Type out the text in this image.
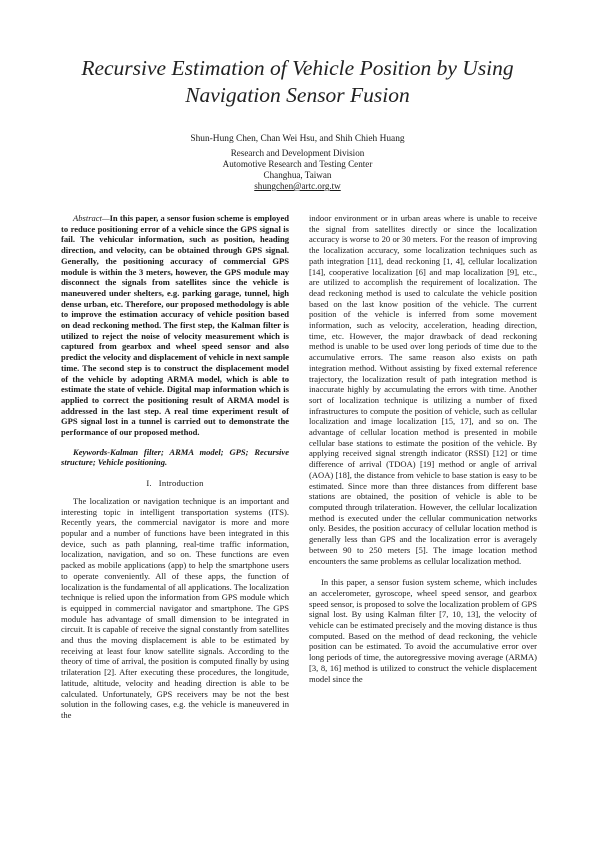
Recursive Estimation of Vehicle Position by Using
Navigation Sensor Fusion
Shun-Hung Chen, Chan Wei Hsu, and Shih Chieh Huang
Research and Development Division
Automotive Research and Testing Center
Changhua, Taiwan
shungchen@artc.org.tw

Abstract—In this paper, a sensor fusion scheme is employed to reduce positioning error of a vehicle since the GPS signal is fail. The vehicular information, such as position, heading direction, and velocity, can be obtained through GPS signal. Generally, the positioning accuracy of commercial GPS module is within the 3 meters, however, the GPS module may disconnect the signals from satellites since the vehicle is maneuvered under shelters, e.g. parking garage, tunnel, high dense urban, etc. Therefore, our proposed methodology is able to improve the estimation accuracy of vehicle position based on dead reckoning method. The first step, the Kalman filter is utilized to reject the noise of velocity measurement which is captured from gearbox and wheel speed sensor and also predict the velocity and displacement of vehicle in next sample time. The second step is to construct the displacement model of the vehicle by adopting ARMA model, which is able to estimate the state of vehicle. Digital map information which is applied to correct the positioning result of ARMA model is addressed in the last step. A real time experiment result of GPS signal lost in a tunnel is carried out to demonstrate the performance of our proposed method.

Keywords-Kalman filter; ARMA model; GPS; Recursive structure; Vehicle positioning.

I. Introduction

The localization or navigation technique is an important and interesting topic in intelligent transportation systems (ITS). Recently years, the commercial navigator is more and more popular and a number of functions have been integrated in this device, such as path planning, real-time traffic information, localization, navigation, and so on. These functions are even packed as mobile applications (app) to help the smartphone users to operate conveniently. All of these apps, the function of localization is the fundamental of all applications. The localization technique is relied upon the information from GPS module which is equipped in commercial navigator and smartphone. The GPS module has advantage of small dimension to be integrated in circuit. It is capable of receive the signal constantly from satellites and thus the moving displacement is able to be estimated by receiving at least four know satellite signals. According to the theory of time of arrival, the position is computed finally by using trilateration [2]. After executing these procedures, the longitude, latitude, altitude, velocity and heading direction is able to be calculated. Unfortunately, GPS receivers may be not the best solution in the following cases, e.g. the vehicle is maneuvered in the

indoor environment or in urban areas where is unable to receive the signal from satellites directly or since the localization accuracy is worse to 20 or 30 meters. For the reason of improving the localization accuracy, some localization techniques such as path integration [11], dead reckoning [1, 4], cellular localization [14], cooperative localization [6] and map localization [9], etc., are utilized to accomplish the requirement of localization. The dead reckoning method is used to calculate the vehicle position based on the last know position of the vehicle. The current position of the vehicle is inferred from some movement information, such as velocity, acceleration, heading direction, time, etc. However, the major drawback of dead reckoning method is unable to be used over long periods of time due to the accumulative errors. The same reason also exists on path integration method. Without assisting by fixed external reference trajectory, the localization result of path integration method is inaccurate highly by accumulating the errors with time. Another sort of localization technique is utilizing a number of fixed infrastructures to compute the position of vehicle, such as cellular localization and image localization [15, 17], and so on. The advantage of cellular location method is presented in mobile cellular base stations to estimate the position of the vehicle. By applying received signal strength indicator (RSSI) [12] or time difference of arrival (TDOA) [19] method or angle of arrival (AOA) [18], the distance from vehicle to base station is easy to be estimated. Since more than three distances from different base stations are obtained, the position of vehicle is able to be computed through trilateration. However, the cellular localization method is executed under the cellular communication networks only. Besides, the position accuracy of cellular location method is generally less than GPS and the localization error is averagely between 90 to 250 meters [5]. The image location method encounters the same problems as cellular localization method.

In this paper, a sensor fusion system scheme, which includes an accelerometer, gyroscope, wheel speed sensor, and gearbox speed sensor, is proposed to solve the localization problem of GPS signal lost. By using Kalman filter [7, 10, 13], the velocity of vehicle can be estimated precisely and the moving distance is thus computed. Based on the method of dead reckoning, the vehicle position can be estimated. To avoid the accumulative error over long periods of time, the autoregressive moving average (ARMA) [3, 8, 16] method is utilized to construct the vehicle displacement model since the
